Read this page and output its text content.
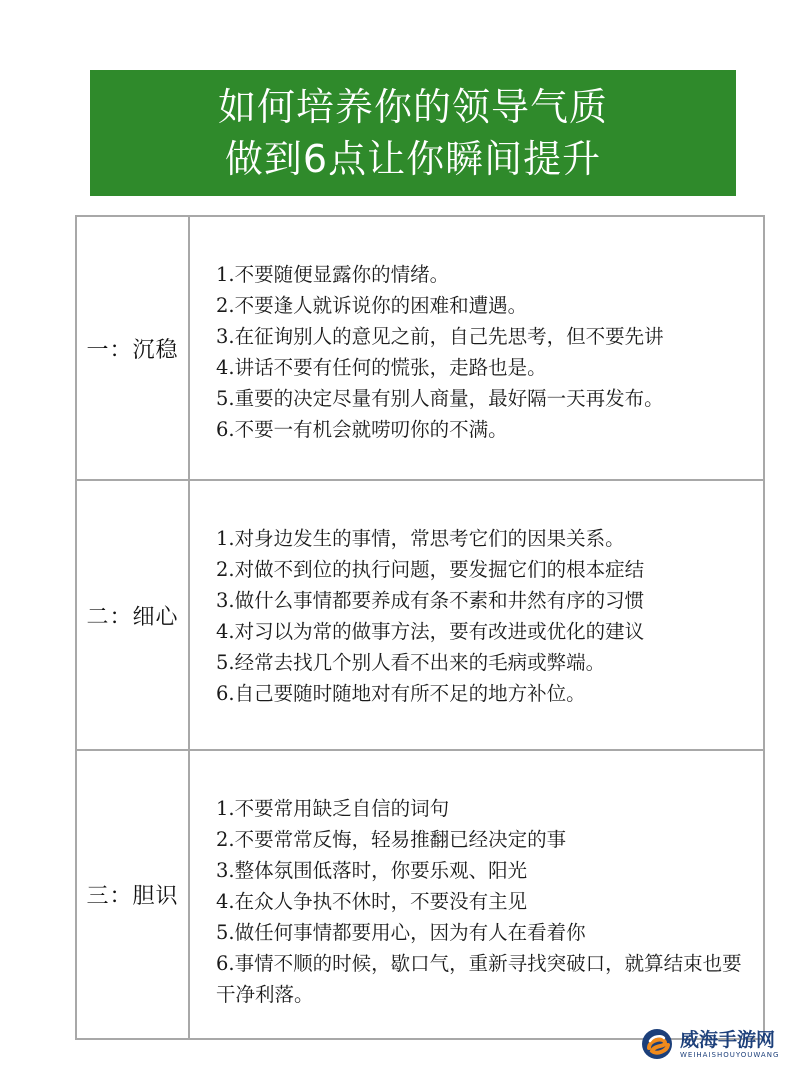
如何培养你的领导气质
做到6点让你瞬间提升
一：沉稳
1.不要随便显露你的情绪。
2.不要逢人就诉说你的困难和遭遇。
3.在征询别人的意见之前，自己先思考，但不要先讲
4.讲话不要有任何的慌张，走路也是。
5.重要的决定尽量有别人商量，最好隔一天再发布。
6.不要一有机会就唠叨你的不满。
二：细心
1.对身边发生的事情，常思考它们的因果关系。
2.对做不到位的执行问题，要发掘它们的根本症结
3.做什么事情都要养成有条不素和井然有序的习惯
4.对习以为常的做事方法，要有改进或优化的建议
5.经常去找几个别人看不出来的毛病或弊端。
6.自己要随时随地对有所不足的地方补位。
三：胆识
1.不要常用缺乏自信的词句
2.不要常常反悔，轻易推翻已经决定的事
3.整体氛围低落时，你要乐观、阳光
4.在众人争执不休时，不要没有主见
5.做任何事情都要用心，因为有人在看着你
6.事情不顺的时候，歇口气，重新寻找突破口，就算结束也要干净利落。
威海手游网
WEIHAISHOUYOUWANG
